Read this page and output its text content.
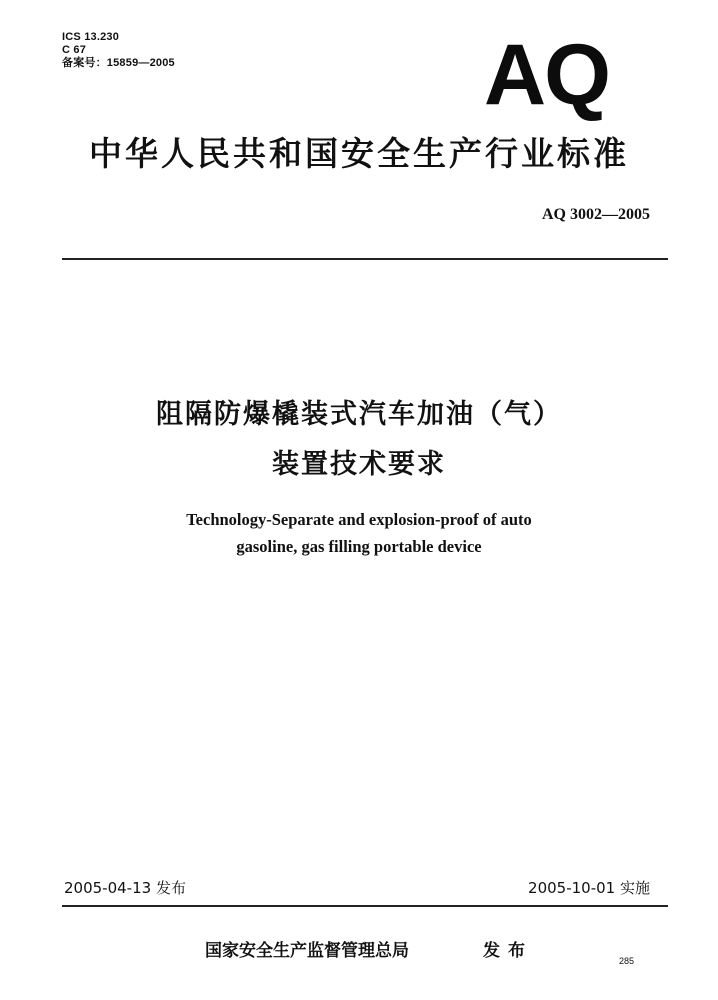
ICS 13.230
C 67
备案号：15859—2005	AQ
中华人民共和国安全生产行业标准
AQ 3002—2005
阻隔防爆橇装式汽车加油（气）
装置技术要求
Technology-Separate and explosion-proof of auto
gasoline, gas filling portable device
2005-04-13 发布	2005-10-01 实施
国家安全生产监督管理总局	发布	285
